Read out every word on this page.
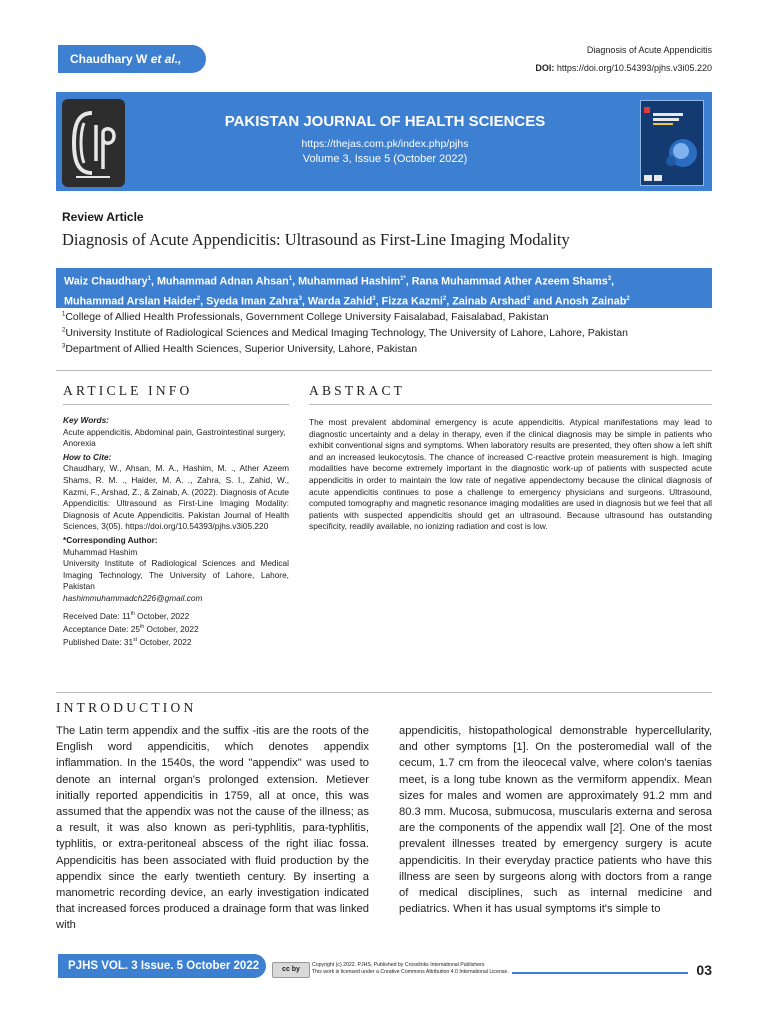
Chaudhary W et al.,
Diagnosis of Acute Appendicitis
DOI: https://doi.org/10.54393/pjhs.v3i05.220
PAKISTAN JOURNAL OF HEALTH SCIENCES
https://thejas.com.pk/index.php/pjhs
Volume 3, Issue 5 (October 2022)
Review Article
Diagnosis of Acute Appendicitis: Ultrasound as First-Line Imaging Modality
Waiz Chaudhary$^1$, Muhammad Adnan Ahsan$^1$, Muhammad Hashim$^{1*}$, Rana Muhammad Ather Azeem Shams$^3$,
Muhammad Arslan Haider$^2$, Syeda Iman Zahra$^3$, Warda Zahid$^3$, Fizza Kazmi$^2$, Zainab Arshad$^2$ and Anosh Zainab$^2$
$^1$College of Allied Health Professionals, Government College University Faisalabad, Faisalabad, Pakistan
$^2$University Institute of Radiological Sciences and Medical Imaging Technology, The University of Lahore, Lahore, Pakistan
$^3$Department of Allied Health Sciences, Superior University, Lahore, Pakistan
ARTICLE INFO	ABSTRACT

Key Words:

Acute appendicitis, Abdominal pain, Gastrointestinal surgery, Anorexia

How to Cite:

Chaudhary, W., Ahsan, M. A., Hashim, M. ., Ather Azeem Shams, R. M. ., Haider, M. A. ., Zahra, S. I., Zahid, W., Kazmi, F., Arshad, Z., & Zainab, A. (2022). Diagnosis of Acute Appendicitis: Ultrasound as First-Line Imaging Modality: Diagnosis of Acute Appendicitis. Pakistan Journal of Health Sciences, 3(05). https://doi.org/10.54393/pjhs.v3i05.220

*Corresponding Author:

Muhammad Hashim

University Institute of Radiological Sciences and Medical Imaging Technology, The University of Lahore, Lahore, Pakistan

hashimmuhammadch226@gmail.com

Received Date: 11th October, 2022

Acceptance Date: 25th October, 2022

Published Date: 31st October, 2022

The most prevalent abdominal emergency is acute appendicitis. Atypical manifestations may lead to diagnostic uncertainty and a delay in therapy, even if the clinical diagnosis may be simple in patients who exhibit conventional signs and symptoms. When laboratory results are presented, they often show a left shift and an increased leukocytosis. The chance of increased C-reactive protein measurement is high. Imaging modalities have become extremely important in the diagnostic work-up of patients with suspected acute appendicitis in order to maintain the low rate of negative appendectomy because the clinical diagnosis of acute appendicitis continues to pose a challenge to emergency physicians and surgeons. Ultrasound, computed tomography and magnetic resonance imaging modalities are used in diagnosis but we feel that all patients with suspected appendicitis should get an ultrasound. Because ultrasound has outstanding specificity, readily available, no ionizing radiation and cost is low.
INTRODUCTION
The Latin term appendix and the suffix -itis are the roots of the English word appendicitis, which denotes appendix inflammation. In the 1540s, the word "appendix" was used to denote an internal organ's prolonged extension. Metiever initially reported appendicitis in 1759, all at once, this was assumed that the appendix was not the cause of the illness; as a result, it was also known as peri-typhlitis, para-typhlitis, typhlitis, or extra-peritoneal abscess of the right iliac fossa. Appendicitis has been associated with fluid production by the appendix since the early twentieth century. By inserting a manometric recording device, an early investigation indicated that increased forces produced a drainage form that was linked with
appendicitis, histopathological demonstrable hypercellularity, and other symptoms [1]. On the posteromedial wall of the cecum, 1.7 cm from the ileocecal valve, where colon's taenias meet, is a long tube known as the vermiform appendix. Mean sizes for males and women are approximately 91.2 mm and 80.3 mm. Mucosa, submucosa, muscularis externa and serosa are the components of the appendix wall [2]. One of the most prevalent illnesses treated by emergency surgery is acute appendicitis. In their everyday practice patients who have this illness are seen by surgeons along with doctors from a range of medical disciplines, such as internal medicine and pediatrics. When it has usual symptoms it's simple to
PJHS VOL. 3 Issue. 5 October 2022	cc by
Copyright (c) 2022. PJHS, Published by Crosslinks International Publishers
This work is licensed under a Creative Commons Attribution 4.0 International License.	03
